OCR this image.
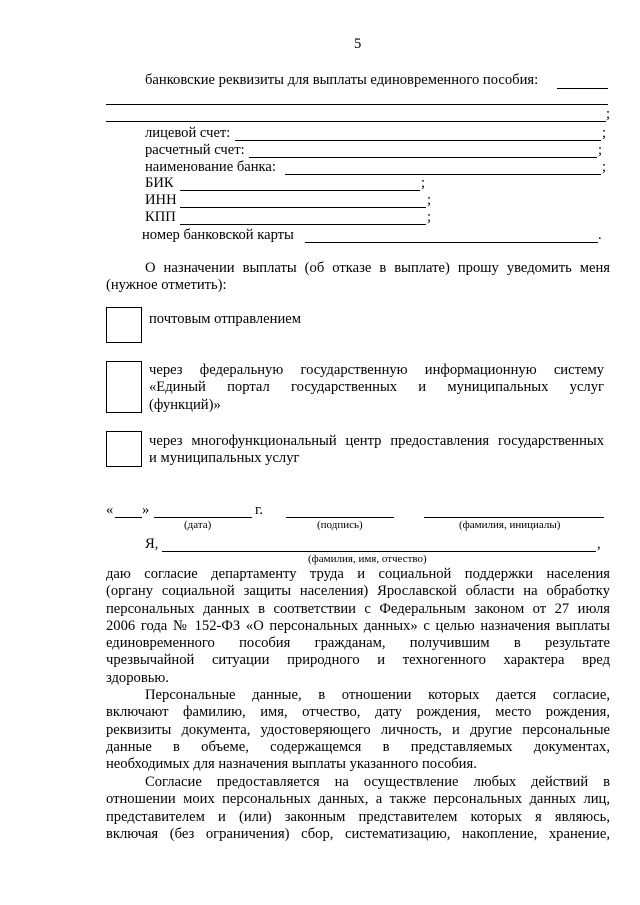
5
банковские реквизиты для выплаты единовременного пособия:
;
лицевой счет:	;
расчетный счет:	;
наименование банка:	;
БИК	;
ИНН	;
КПП	;
номер банковской карты	.

О назначении выплаты (об отказе в выплате) прошу уведомить меня

(нужное отметить):

почтовым отправлением

через федеральную государственную информационную систему

«Единый портал государственных и муниципальных услуг

(функций)»

через многофункциональный центр предоставления государственных

и муниципальных услуг

« »	г.
(дата)	(подпись)	(фамилия, инициалы)
Я,	,
(фамилия, имя, отчество)

даю согласие департаменту труда и социальной поддержки населения

(органу социальной защиты населения) Ярославской области на обработку

персональных данных в соответствии с Федеральным законом от 27 июля

2006 года № 152-ФЗ «О персональных данных» с целью назначения выплаты

единовременного пособия гражданам, получившим в результате

чрезвычайной ситуации природного и техногенного характера вред

здоровью.

Персональные данные, в отношении которых дается согласие,

включают фамилию, имя, отчество, дату рождения, место рождения,

реквизиты документа, удостоверяющего личность, и другие персональные

данные в объеме, содержащемся в представляемых документах,

необходимых для назначения выплаты указанного пособия.

Согласие предоставляется на осуществление любых действий в

отношении моих персональных данных, а также персональных данных лиц,

представителем и (или) законным представителем которых я являюсь,

включая (без ограничения) сбор, систематизацию, накопление, хранение,
